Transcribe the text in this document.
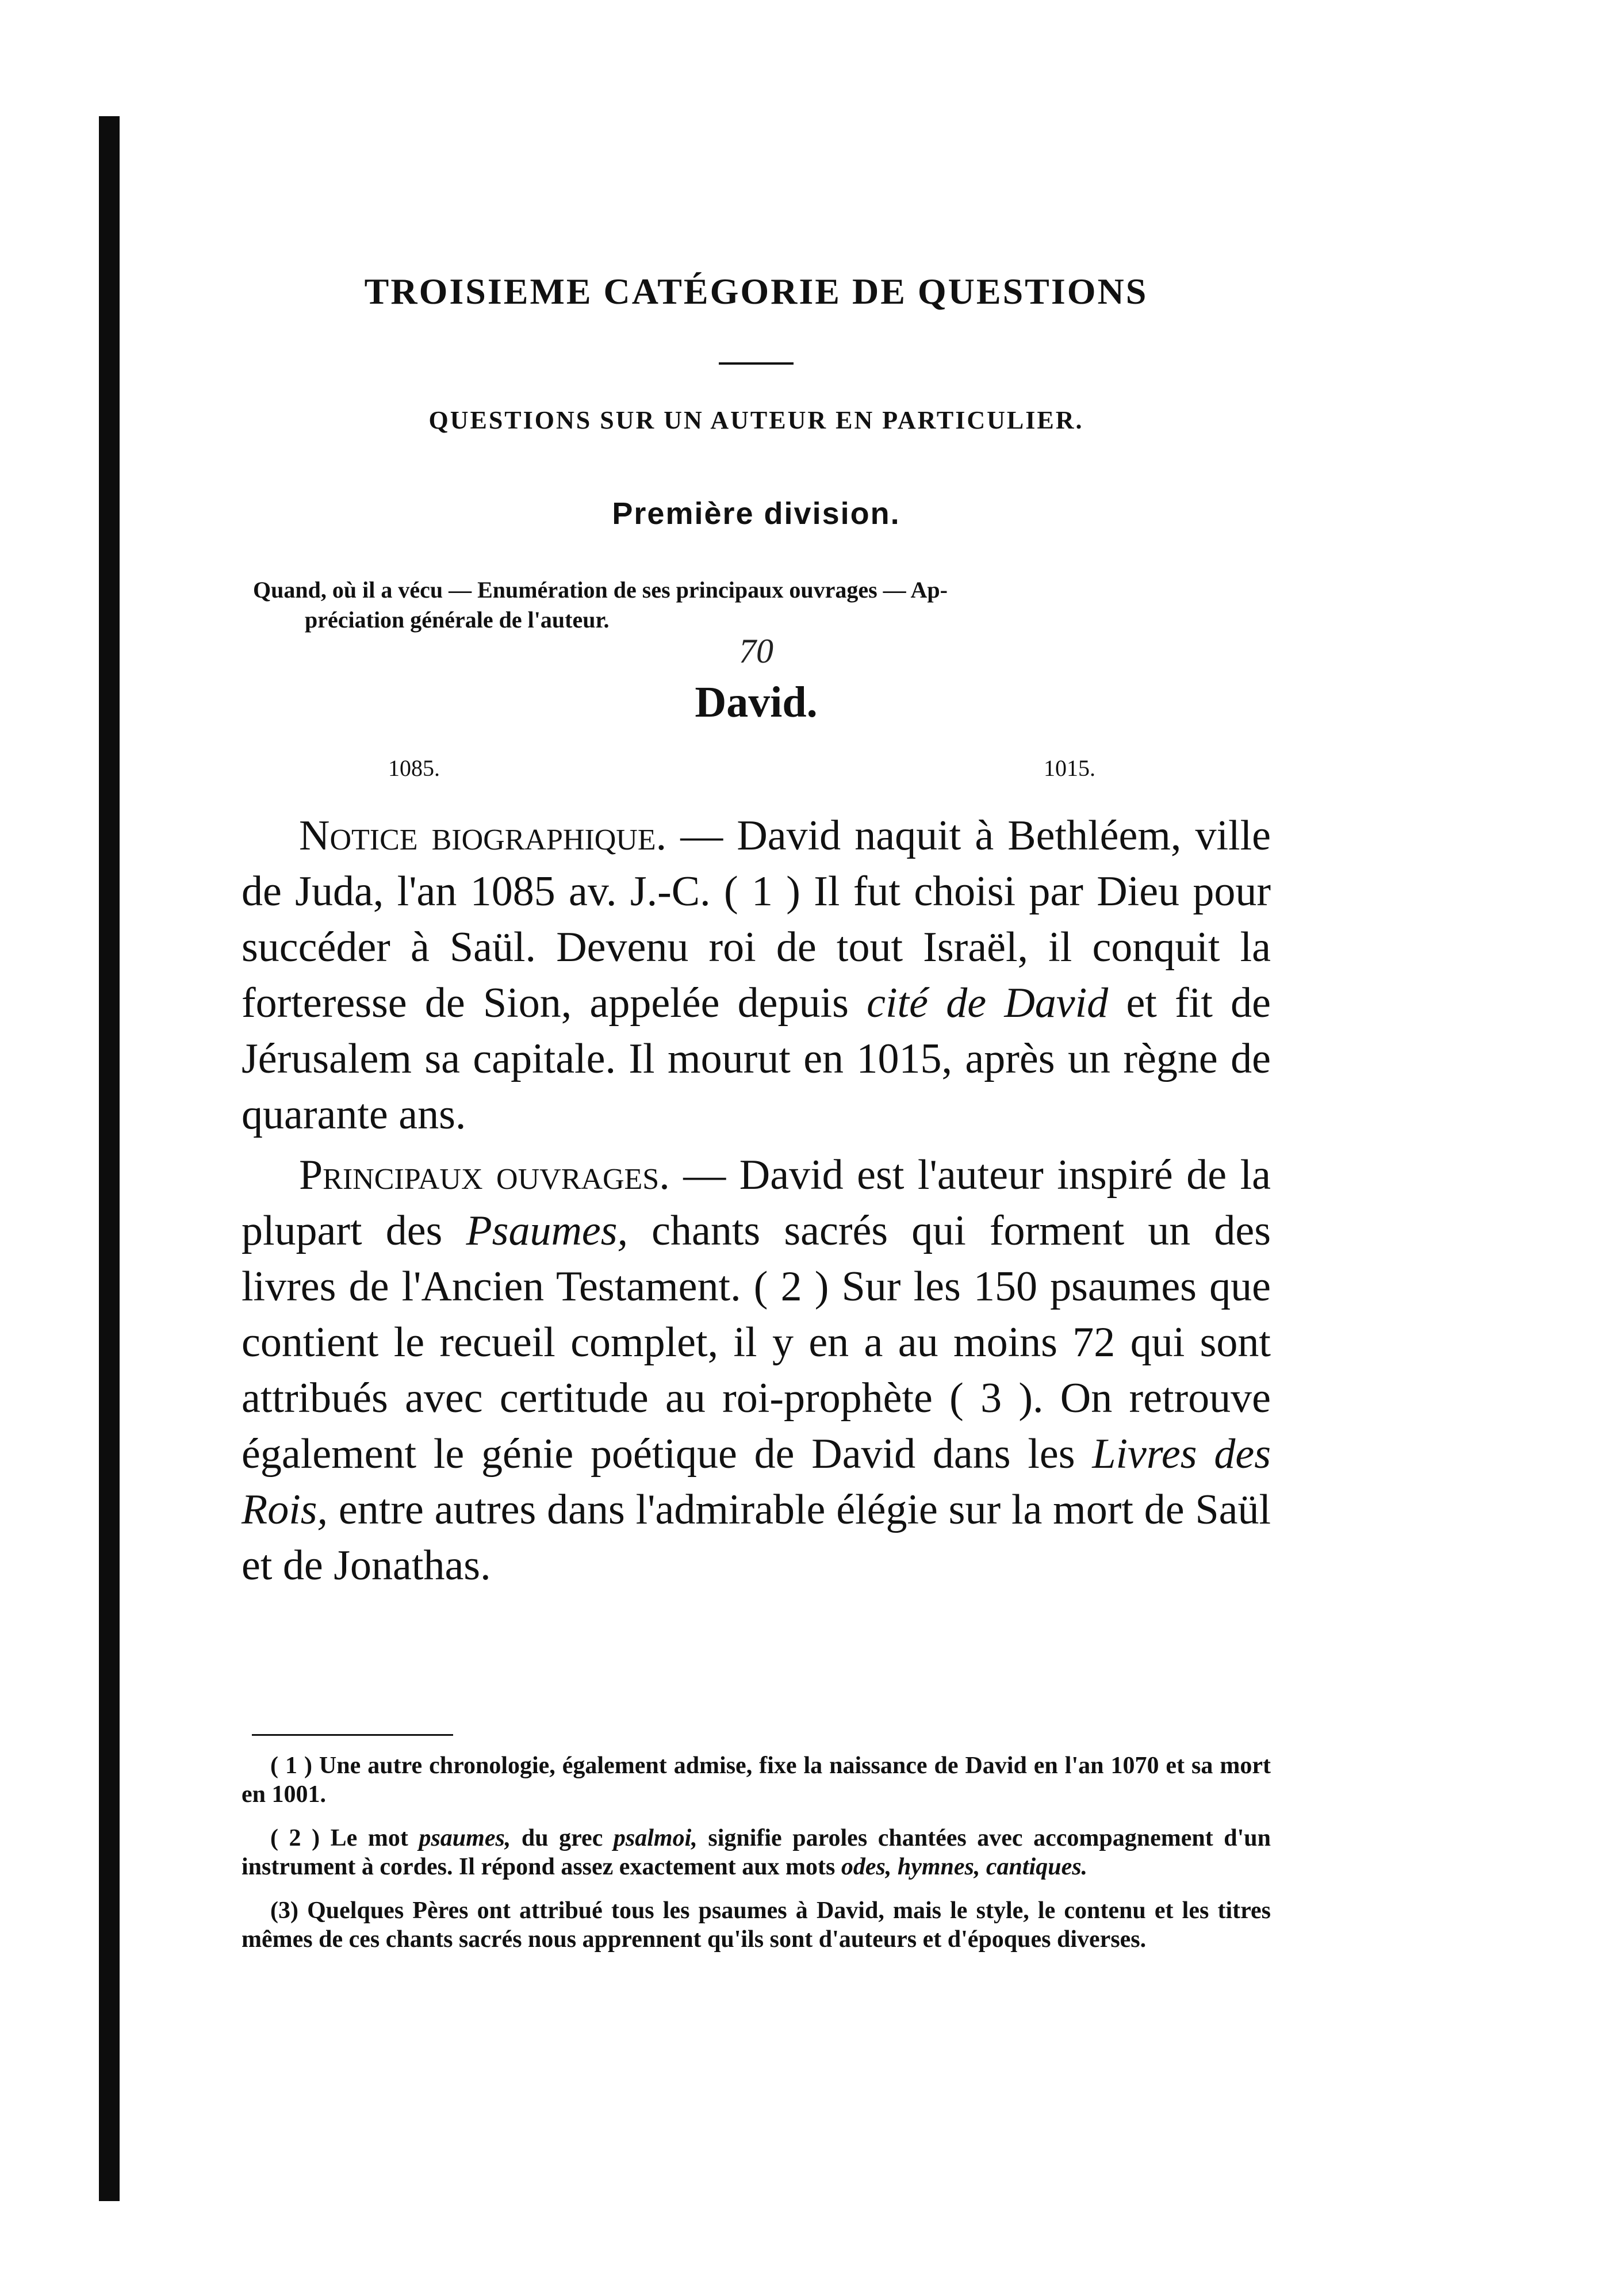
TROISIEME CATÉGORIE DE QUESTIONS
QUESTIONS SUR UN AUTEUR EN PARTICULIER.
Première division.
Quand, où il a vécu — Enumération de ses principaux ouvrages — Ap-
préciation générale de l'auteur.
70
David.
1085.	1015.

Notice biographique. — David naquit à Bethléem, ville de Juda, l'an 1085 av. J.-C. ( 1 ) Il fut choisi par Dieu pour succéder à Saül. Devenu roi de tout Israël, il conquit la forteresse de Sion, appelée depuis cité de David et fit de Jérusalem sa capitale. Il mourut en 1015, après un règne de quarante ans.

Principaux ouvrages. — David est l'auteur inspiré de la plupart des Psaumes, chants sacrés qui forment un des livres de l'Ancien Testament. ( 2 ) Sur les 150 psaumes que contient le recueil complet, il y en a au moins 72 qui sont attribués avec certitude au roi-prophète ( 3 ). On retrouve également le génie poétique de David dans les Livres des Rois, entre autres dans l'admirable élégie sur la mort de Saül et de Jonathas.

( 1 ) Une autre chronologie, également admise, fixe la naissance de David en l'an 1070 et sa mort en 1001.

( 2 ) Le mot psaumes, du grec psalmoi, signifie paroles chantées avec accompagnement d'un instrument à cordes. Il répond assez exactement aux mots odes, hymnes, cantiques.

(3) Quelques Pères ont attribué tous les psaumes à David, mais le style, le contenu et les titres mêmes de ces chants sacrés nous apprennent qu'ils sont d'auteurs et d'époques diverses.
